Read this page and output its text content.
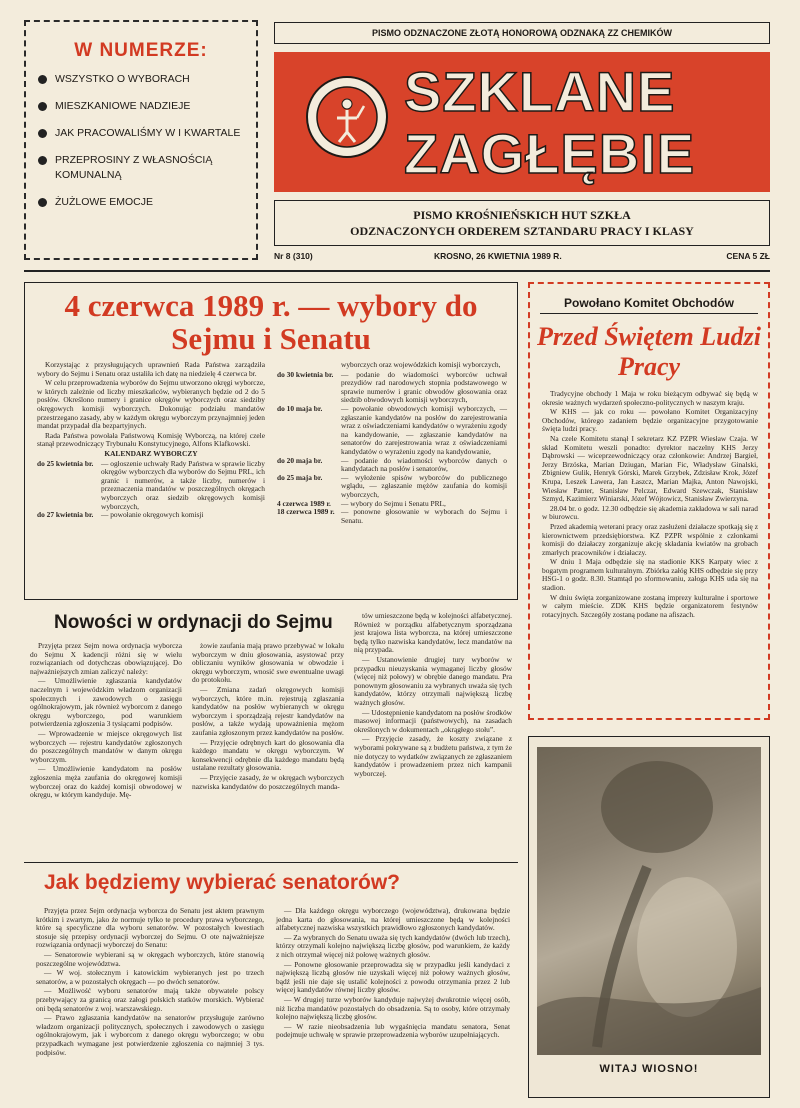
W NUMERZE:
WSZYSTKO O WYBORACH
MIESZKANIOWE NADZIEJE
JAK PRACOWALIŚMY W I KWARTALE
PRZEPROSINY Z WŁASNOŚCIĄ KOMUNALNĄ
ŻUŻLOWE EMOCJE
PISMO ODZNACZONE ZŁOTĄ HONOROWĄ ODZNAKĄ ZZ CHEMIKÓW
SZKLANE
ZAGŁĘBIE
PISMO KROŚNIEŃSKICH HUT SZKŁA
ODZNACZONYCH ORDEREM SZTANDARU PRACY I KLASY
Nr 8 (310)	KROSNO, 26 KWIETNIA 1989 R.	CENA 5 ZŁ
4 czerwca 1989 r. — wybory do Sejmu i Senatu

Korzystając z przysługujących uprawnień Rada Państwa zarządziła wybory do Sejmu i Senatu oraz ustaliła ich datę na niedzielę 4 czerwca br.

W celu przeprowadzenia wyborów do Sejmu utworzono okręgi wyborcze, w których zależnie od liczby mieszkańców, wybieranych będzie od 2 do 5 posłów. Określono numery i granice okręgów wyborczych oraz siedziby okręgowych komisji wyborczych. Dokonując podziału mandatów przestrzegano zasady, aby w każdym okręgu wyborczym przynajmniej jeden mandat przypadał dla bezpartyjnych.

Rada Państwa powołała Państwową Komisję Wyborczą, na której czele stanął przewodniczący Trybunału Konstytucyjnego, Alfons Klafkowski.

KALENDARZ WYBORCZY

do 25 kwietnia br.	— ogłoszenie uchwały Rady Państwa w sprawie liczby okręgów wyborczych dla wyborów do Sejmu PRL, ich granic i numerów, a także liczby, numerów i przeznaczenia mandatów w poszczególnych okręgach wyborczych oraz siedzib okręgowych komisji wyborczych,
do 27 kwietnia br.	— powołanie okręgowych komisji

wyborczych oraz wojewódzkich komisji wyborczych,

do 30 kwietnia br.	— podanie do wiadomości wyborców uchwał prezydiów rad narodowych stopnia podstawowego w sprawie numerów i granic obwodów głosowania oraz siedzib obwodowych komisji wyborczych,
do 10 maja br.	— powołanie obwodowych komisji wyborczych, — zgłaszanie kandydatów na posłów do zarejestrowania wraz z oświadczeniami kandydatów o wyrażeniu zgody na kandydowanie, — zgłaszanie kandydatów na senatorów do zarejestrowania wraz z oświadczeniami kandydatów o wyrażeniu zgody na kandydowanie,
do 20 maja br.	— podanie do wiadomości wyborców danych o kandydatach na posłów i senatorów,
do 25 maja br.	— wyłożenie spisów wyborców do publicznego wglądu, — zgłaszanie mężów zaufania do komisji wyborczych,
4 czerwca 1989 r.	— wybory do Sejmu i Senatu PRL,
18 czerwca 1989 r. — ponowne głosowanie w wyborach do Sejmu i Senatu.
Powołano Komitet Obchodów
Przed Świętem Ludzi Pracy

Tradycyjne obchody 1 Maja w roku bieżącym odbywać się będą w okresie ważnych wydarzeń społeczno-politycznych w naszym kraju.

W KHS — jak co roku — powołano Komitet Organizacyjny Obchodów, którego zadaniem będzie organizacyjne przygotowanie święta ludzi pracy.

Na czele Komitetu stanął I sekretarz KZ PZPR Wiesław Czaja. W skład Komitetu weszli ponadto: dyrektor naczelny KHS Jerzy Dąbrowski — wiceprzewodniczący oraz członkowie: Andrzej Bargieł, Jerzy Brzóska, Marian Dziugan, Marian Fic, Władysław Ginalski, Zbigniew Gulik, Henryk Górski, Marek Grzybek, Zdzisław Krok, Józef Krupa, Leszek Lawera, Jan Łaszcz, Marian Majka, Anton Nawojski, Wiesław Panter, Stanisław Pelczar, Edward Szewczak, Stanisław Szmyd, Kazimierz Winiarski, Józef Wójtowicz, Stanisław Zwierzyna.

28.04 br. o godz. 12.30 odbędzie się akademia zakładowa w sali narad w biurowcu.

Przed akademią weterani pracy oraz zasłużeni działacze spotkają się z kierownictwem przedsiębiorstwa. KZ PZPR wspólnie z członkami komisji do działaczy zorganizuje akcję składania kwiatów na grobach zmarłych pracowników i działaczy.

W dniu 1 Maja odbędzie się na stadionie KKS Karpaty wiec z bogatym programem kulturalnym. Zbiórka załóg KHS odbędzie się przy HSG-1 o godz. 8.30. Stamtąd po sformowaniu, załoga KHS uda się na stadion.

W dniu święta zorganizowane zostaną imprezy kulturalne i sportowe w całym mieście. ZDK KHS będzie organizatorem festynów rotacyjnych. Szczegóły zostaną podane na afiszach.

Nowości w ordynacji do Sejmu

Przyjęta przez Sejm nowa ordynacja wyborcza do Sejmu X kadencji różni się w wielu rozwiązaniach od dotychczas obowiązującej. Do najważniejszych zmian zaliczyć należy:

— Umożliwienie zgłaszania kandydatów naczelnym i wojewódzkim władzom organizacji społecznych i zawodowych o zasięgu ogólnokrajowym, jak również wyborcom z danego okręgu wyborczego, pod warunkiem potwierdzenia zgłoszenia 3 tysiącami podpisów.

— Wprowadzenie w miejsce okręgowych list wyborczych — rejestru kandydatów zgłoszonych do poszczególnych mandatów w danym okręgu wyborczym.

— Umożliwienie kandydatom na posłów zgłoszenia męża zaufania do okręgowej komisji wyborczej oraz do każdej komisji obwodowej w okręgu, w którym kandyduje. Mę-

żowie zaufania mają prawo przebywać w lokalu wyborczym w dniu głosowania, asystować przy obliczaniu wyników głosowania w obwodzie i okręgu wyborczym, wnosić swe ewentualne uwagi do protokołu.

— Zmiana zadań okręgowych komisji wyborczych, które m.in. rejestrują zgłaszania kandydatów na posłów wybieranych w okręgu wyborczym i sporządzają rejestr kandydatów na posłów, a także wydają upoważnienia mężom zaufania zgłoszonym przez kandydatów na posłów.

— Przyjęcie odrębnych kart do głosowania dla każdego mandatu w okręgu wyborczym. W konsekwencji odrębnie dla każdego mandatu będą ustalane rezultaty głosowania.

— Przyjęcie zasady, że w okręgach wyborczych nazwiska kandydatów do poszczególnych manda-

tów umieszczone będą w kolejności alfabetycznej. Również w porządku alfabetycznym sporządzana jest krajowa lista wyborcza, na której umieszczone będą tylko nazwiska kandydatów, lecz mandatów na nią przypada.

— Ustanowienie drugiej tury wyborów w przypadku nieuzyskania wymaganej liczby głosów (więcej niż połowy) w obrębie danego mandatu. Pra ponownym głosowaniu za wybranych uważa się tych kandydatów, którzy otrzymali największą liczbę ważnych głosów.

— Udostępnienie kandydatom na posłów środków masowej informacji (państwowych), na zasadach określonych w dokumentach „okrągłego stołu”.

— Przyjęcie zasady, że koszty związane z wyborami pokrywane są z budżetu państwa, z tym że nie dotyczy to wydatków związanych ze zgłaszaniem kandydatów i prowadzeniem przez nich kampanii wyborczej.

Jak będziemy wybierać senatorów?

Przyjęta przez Sejm ordynacja wyborcza do Senatu jest aktem prawnym krótkim i zwartym, jako że normuje tylko te procedury prawa wyborczego, które są specyficzne dla wyboru senatorów. W pozostałych kwestiach stosuje się przepisy ordynacji wyborczej do Sejmu. O ote najważniejsze rozwiązania ordynacji wyborczej do Senatu:

— Senatorowie wybierani są w okręgach wyborczych, które stanowią poszczególne województwa.

— W woj. stołecznym i katowickim wybieranych jest po trzech senatorów, a w pozostałych okręgach — po dwóch senatorów.

— Możliwość wyboru senatorów mają także obywatele polscy przebywający za granicą oraz załogi polskich statków morskich. Wybierać oni będą senatorów z woj. warszawskiego.

— Prawo zgłaszania kandydatów na senatorów przysługuje zarówno władzom organizacji politycznych, społecznych i zawodowych o zasięgu ogólnokrajowym, jak i wyborcom z danego okręgu wyborczego; w obu przypadkach wymagane jest potwierdzenie zgłoszenia co najmniej 3 tys. podpisów.

— Dla każdego okręgu wyborczego (województwa), drukowana będzie jedna karta do głosowania, na której umieszczone będą w kolejności alfabetycznej nazwiska wszystkich prawidłowo zgłoszonych kandydatów.

— Za wybranych do Senatu uważa się tych kandydatów (dwóch lub trzech), którzy otrzymali kolejno największą liczbę głosów, pod warunkiem, że każdy z nich otrzymał więcej niż połowę ważnych głosów.

— Ponowne głosowanie przeprowadza się w przypadku jeśli kandydaci z największą liczbą głosów nie uzyskali więcej niż połowy ważnych głosów, bądź jeśli nie daje się ustalić kolejności z powodu otrzymania przez 2 lub więcej kandydatów równej liczby głosów.

— W drugiej turze wyborów kandyduje najwyżej dwukrotnie więcej osób, niż liczba mandatów pozostałych do obsadzenia. Są to osoby, które otrzymały kolejno największą liczbę głosów.

— W razie nieobsadzenia lub wygaśnięcia mandatu senatora, Senat podejmuje uchwałę w sprawie przeprowadzenia wyborów uzupełniających.

WITAJ WIOSNO!
